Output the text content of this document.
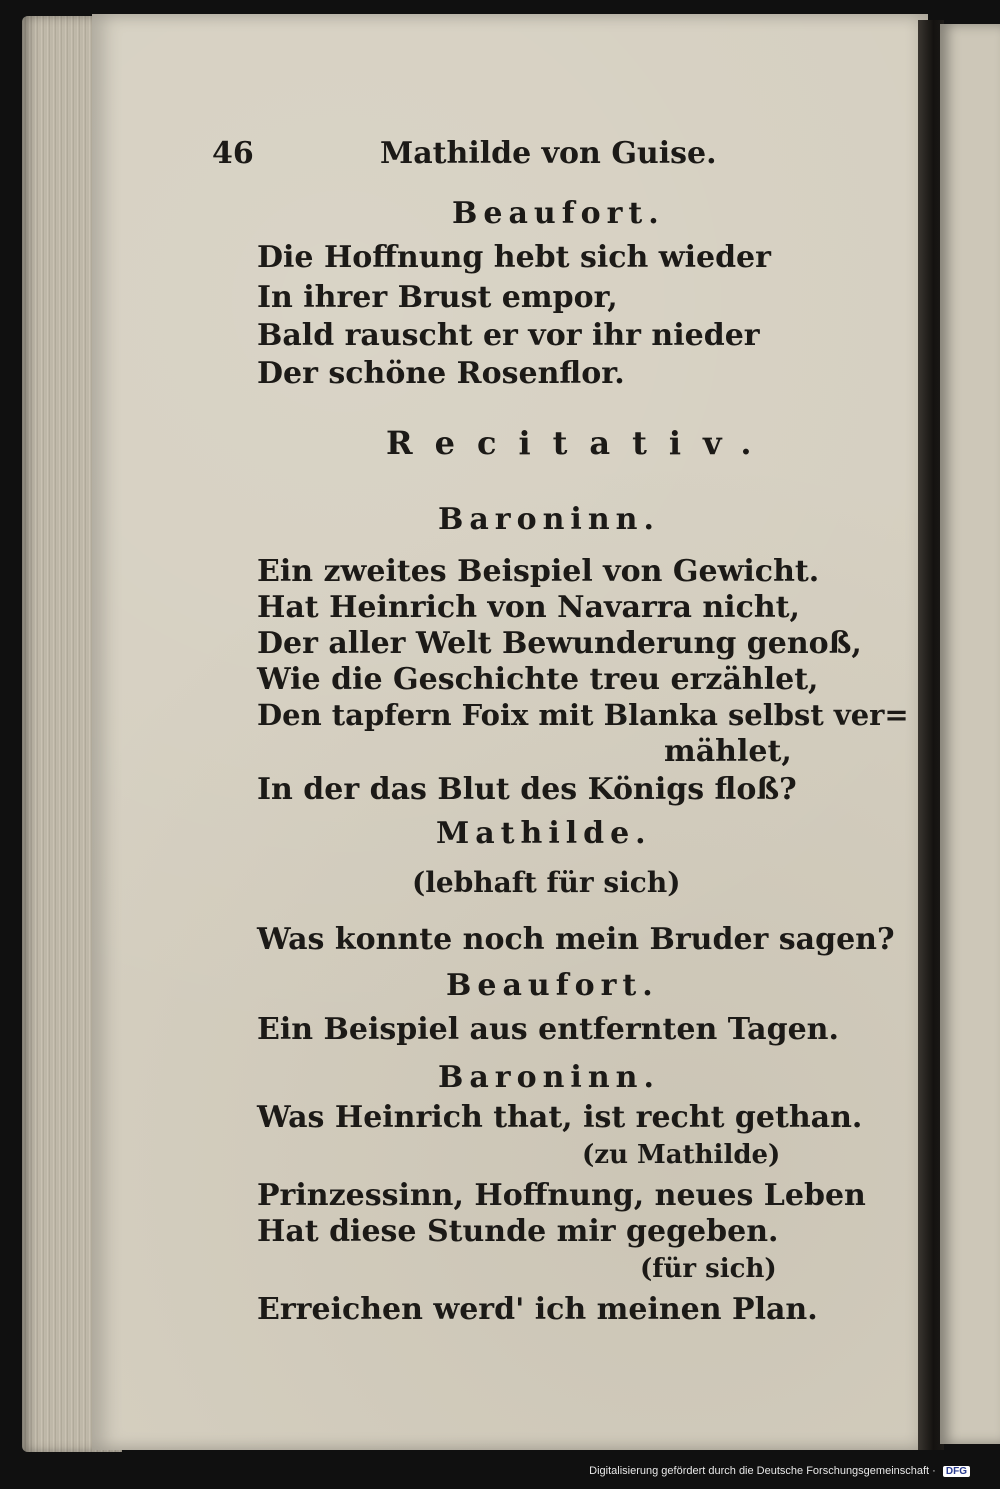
46	Mathilde von Guise.
Beaufort.
Die Hoffnung hebt sich wieder
In ihrer Brust empor,
Bald rauscht er vor ihr nieder
Der schöne Rosenflor.
Recitativ.
Baroninn.
Ein zweites Beispiel von Gewicht.
Hat Heinrich von Navarra nicht,
Der aller Welt Bewunderung genoß,
Wie die Geschichte treu erzählet,
Den tapfern Foix mit Blanka selbst ver=
mählet,
In der das Blut des Königs floß?
Mathilde.
(lebhaft für sich)
Was konnte noch mein Bruder sagen?
Beaufort.
Ein Beispiel aus entfernten Tagen.
Baroninn.
Was Heinrich that, ist recht gethan.
(zu Mathilde)
Prinzessinn, Hoffnung, neues Leben
Hat diese Stunde mir gegeben.
(für sich)
Erreichen werd' ich meinen Plan.
Digitalisierung gefördert durch die Deutsche Forschungsgemeinschaft · DFG
